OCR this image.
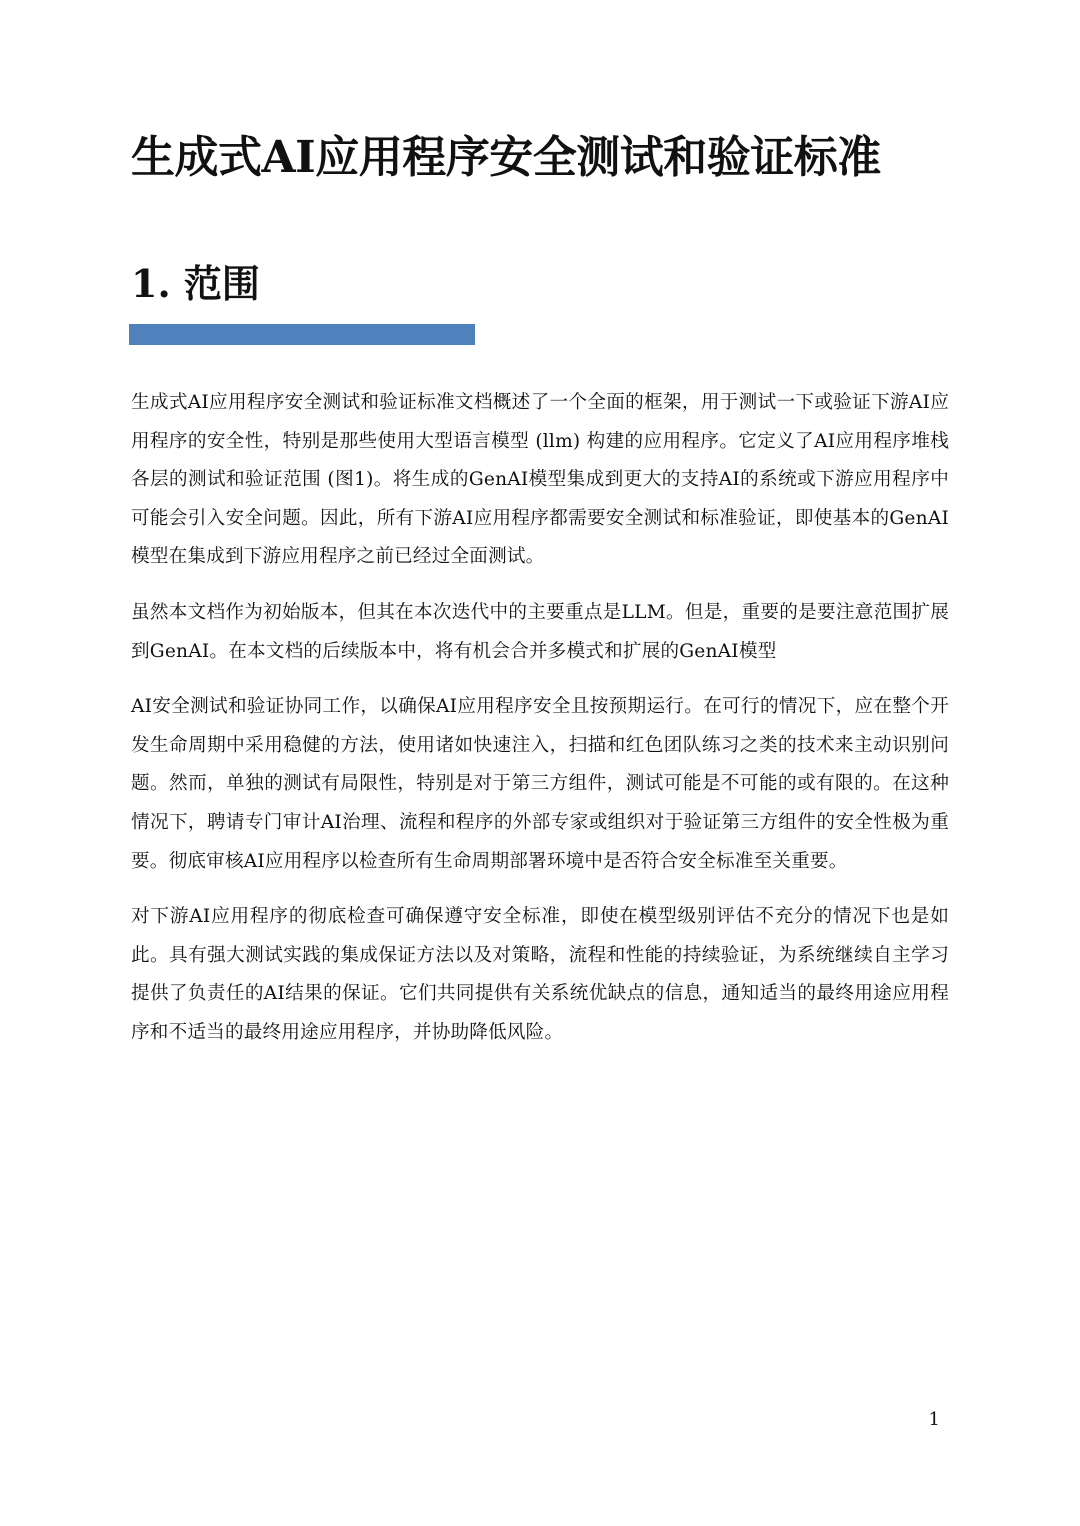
生成式AI应用程序安全测试和验证标准
1. 范围

生成式AI应用程序安全测试和验证标准文档概述了一个全面的框架，用于测试一下或验证下游AI应用程序的安全性，特别是那些使用大型语言模型 (llm) 构建的应用程序。它定义了AI应用程序堆栈各层的测试和验证范围 (图1)。将生成的GenAI模型集成到更大的支持AI的系统或下游应用程序中可能会引入安全问题。因此，所有下游AI应用程序都需要安全测试和标准验证，即使基本的GenAI模型在集成到下游应用程序之前已经过全面测试。

虽然本文档作为初始版本，但其在本次迭代中的主要重点是LLM。但是，重要的是要注意范围扩展到GenAI。在本文档的后续版本中，将有机会合并多模式和扩展的GenAI模型

AI安全测试和验证协同工作，以确保AI应用程序安全且按预期运行。在可行的情况下，应在整个开发生命周期中采用稳健的方法，使用诸如快速注入，扫描和红色团队练习之类的技术来主动识别问题。然而，单独的测试有局限性，特别是对于第三方组件，测试可能是不可能的或有限的。在这种情况下，聘请专门审计AI治理、流程和程序的外部专家或组织对于验证第三方组件的安全性极为重要。彻底审核AI应用程序以检查所有生命周期部署环境中是否符合安全标准至关重要。

对下游AI应用程序的彻底检查可确保遵守安全标准，即使在模型级别评估不充分的情况下也是如此。具有强大测试实践的集成保证方法以及对策略，流程和性能的持续验证，为系统继续自主学习提供了负责任的AI结果的保证。它们共同提供有关系统优缺点的信息，通知适当的最终用途应用程序和不适当的最终用途应用程序，并协助降低风险。

1
